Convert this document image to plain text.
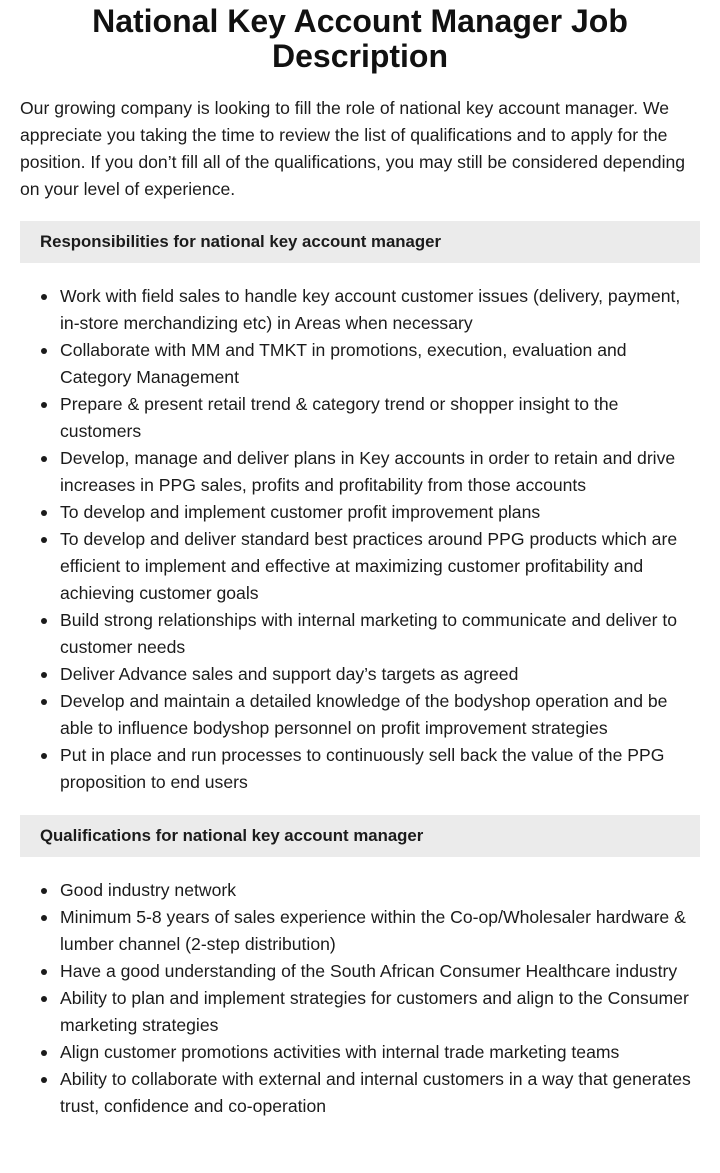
National Key Account Manager Job Description

Our growing company is looking to fill the role of national key account manager. We appreciate you taking the time to review the list of qualifications and to apply for the position. If you don’t fill all of the qualifications, you may still be considered depending on your level of experience.

Responsibilities for national key account manager
Work with field sales to handle key account customer issues (delivery, payment, in-store merchandizing etc) in Areas when necessary
Collaborate with MM and TMKT in promotions, execution, evaluation and Category Management
Prepare & present retail trend & category trend or shopper insight to the customers
Develop, manage and deliver plans in Key accounts in order to retain and drive increases in PPG sales, profits and profitability from those accounts
To develop and implement customer profit improvement plans
To develop and deliver standard best practices around PPG products which are efficient to implement and effective at maximizing customer profitability and achieving customer goals
Build strong relationships with internal marketing to communicate and deliver to customer needs
Deliver Advance sales and support day’s targets as agreed
Develop and maintain a detailed knowledge of the bodyshop operation and be able to influence bodyshop personnel on profit improvement strategies
Put in place and run processes to continuously sell back the value of the PPG proposition to end users
Qualifications for national key account manager
Good industry network
Minimum 5-8 years of sales experience within the Co-op/Wholesaler hardware & lumber channel (2-step distribution)
Have a good understanding of the South African Consumer Healthcare industry
Ability to plan and implement strategies for customers and align to the Consumer marketing strategies
Align customer promotions activities with internal trade marketing teams
Ability to collaborate with external and internal customers in a way that generates trust, confidence and co-operation
